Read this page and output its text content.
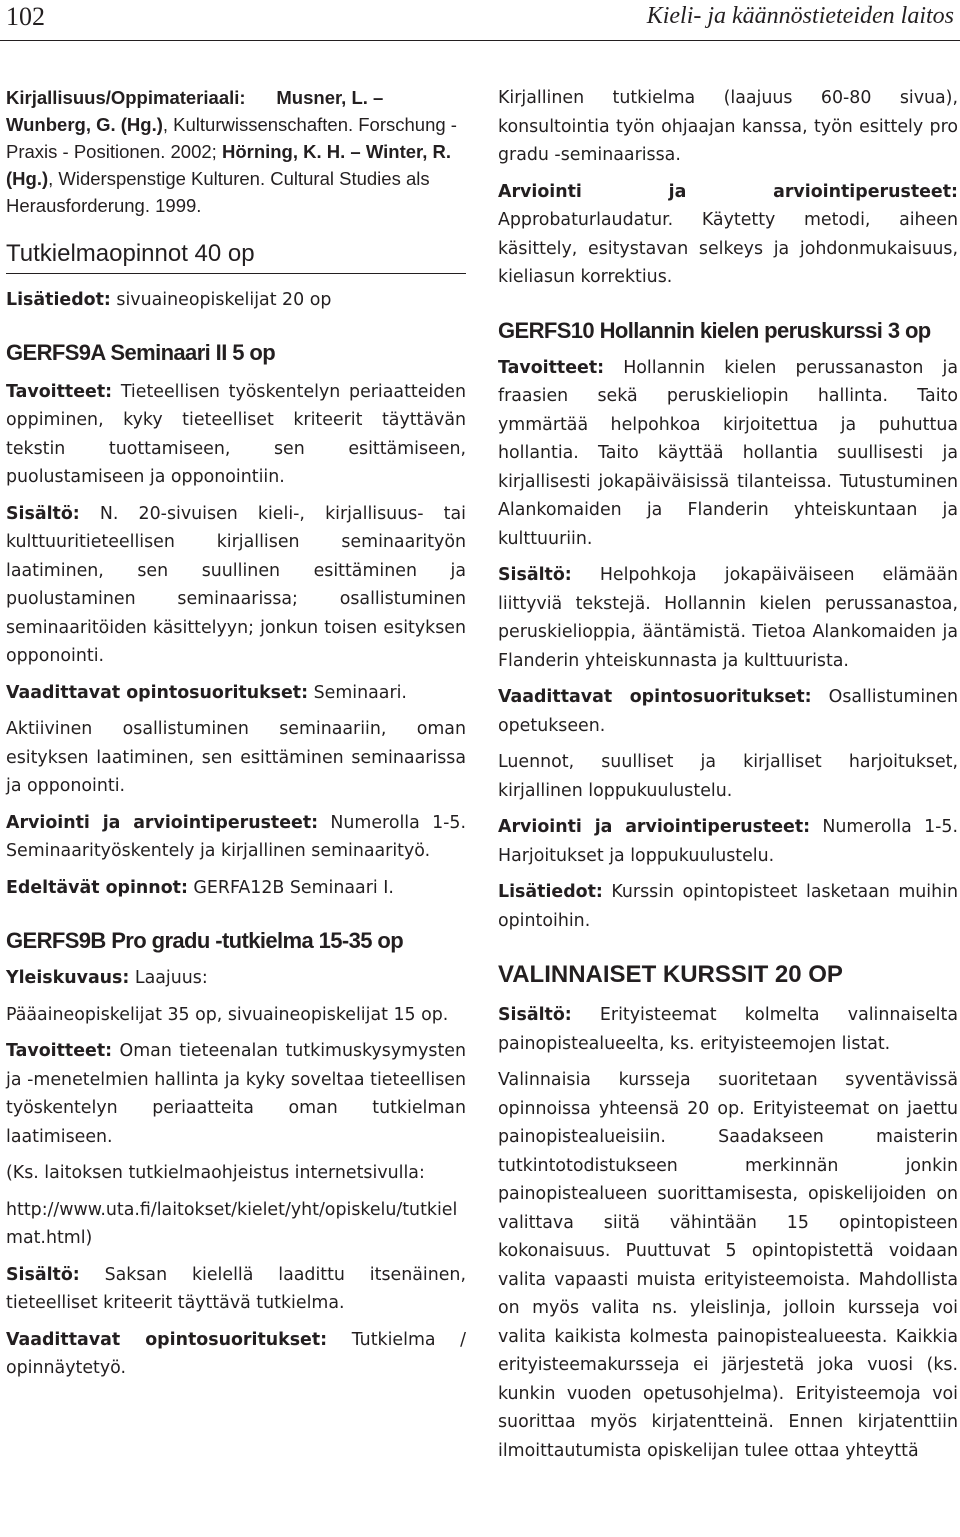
102	Kieli- ja käännöstieteiden laitos

Kirjallisuus/Oppimateriaali: Musner, L. – Wunberg, G. (Hg.), Kulturwissenschaften. Forschung - Praxis - Positionen. 2002; Hörning, K. H. – Winter, R. (Hg.), Widerspenstige Kulturen. Cultural Studies als Herausforderung. 1999.

Tutkielmaopinnot 40 op

Lisätiedot: sivuaineopiskelijat 20 op

GERFS9A Seminaari II 5 op

Tavoitteet: Tieteellisen työskentelyn periaatteiden oppiminen, kyky tieteelliset kriteerit täyttävän tekstin tuottamiseen, sen esittämiseen, puolustamiseen ja opponointiin.

Sisältö: N. 20-sivuisen kieli-, kirjallisuus- tai kulttuuritieteellisen kirjallisen seminaarityön laatiminen, sen suullinen esittäminen ja puolustaminen seminaarissa; osallistuminen seminaaritöiden käsittelyyn; jonkun toisen esityksen opponointi.

Vaadittavat opintosuoritukset: Seminaari.

Aktiivinen osallistuminen seminaariin, oman esityksen laatiminen, sen esittäminen seminaarissa ja opponointi.

Arviointi ja arviointiperusteet: Numerolla 1-5. Seminaarityöskentely ja kirjallinen seminaarityö.

Edeltävät opinnot: GERFA12B Seminaari I.

GERFS9B Pro gradu -tutkielma 15-35 op

Yleiskuvaus: Laajuus:

Pääaineopiskelijat 35 op, sivuaineopiskelijat 15 op.

Tavoitteet: Oman tieteenalan tutkimuskysymysten ja -menetelmien hallinta ja kyky soveltaa tieteellisen työskentelyn periaatteita oman tutkielman laatimiseen.

(Ks. laitoksen tutkielmaohjeistus internetsivulla:

http://www.uta.fi/laitokset/kielet/yht/opiskelu/tutkielmat.html)

Sisältö: Saksan kielellä laadittu itsenäinen, tieteelliset kriteerit täyttävä tutkielma.

Vaadittavat opintosuoritukset: Tutkielma / opinnäytetyö.

Kirjallinen tutkielma (laajuus 60-80 sivua), konsultointia työn ohjaajan kanssa, työn esittely pro gradu -seminaarissa.

Arviointi ja arviointiperusteet: Approbaturlaudatur. Käytetty metodi, aiheen käsittely, esitystavan selkeys ja johdonmukaisuus, kieliasun korrektius.

GERFS10 Hollannin kielen peruskurssi 3 op

Tavoitteet: Hollannin kielen perussanaston ja fraasien sekä peruskieliopin hallinta. Taito ymmärtää helpohkoa kirjoitettua ja puhuttua hollantia. Taito käyttää hollantia suullisesti ja kirjallisesti jokapäiväisissä tilanteissa. Tutustuminen Alankomaiden ja Flanderin yhteiskuntaan ja kulttuuriin.

Sisältö: Helpohkoja jokapäiväiseen elämään liittyviä tekstejä. Hollannin kielen perussanastoa, peruskielioppia, ääntämistä. Tietoa Alankomaiden ja Flanderin yhteiskunnasta ja kulttuurista.

Vaadittavat opintosuoritukset: Osallistuminen opetukseen.

Luennot, suulliset ja kirjalliset harjoitukset, kirjallinen loppukuulustelu.

Arviointi ja arviointiperusteet: Numerolla 1-5. Harjoitukset ja loppukuulustelu.

Lisätiedot: Kurssin opintopisteet lasketaan muihin opintoihin.

VALINNAISET KURSSIT 20 OP

Sisältö: Erityisteemat kolmelta valinnaiselta painopistealueelta, ks. erityisteemojen listat.

Valinnaisia kursseja suoritetaan syventävissä opinnoissa yhteensä 20 op. Erityisteemat on jaettu painopistealueisiin. Saadakseen maisterin tutkintotodistukseen merkinnän jonkin painopistealueen suorittamisesta, opiskelijoiden on valittava siitä vähintään 15 opintopisteen kokonaisuus. Puuttuvat 5 opintopistettä voidaan valita vapaasti muista erityisteemoista. Mahdollista on myös valita ns. yleislinja, jolloin kursseja voi valita kaikista kolmesta painopistealueesta. Kaikkia erityisteemakursseja ei järjestetä joka vuosi (ks. kunkin vuoden opetusohjelma). Erityisteemoja voi suorittaa myös kirjatentteinä. Ennen kirjatenttiin ilmoittautumista opiskelijan tulee ottaa yhteyttä
